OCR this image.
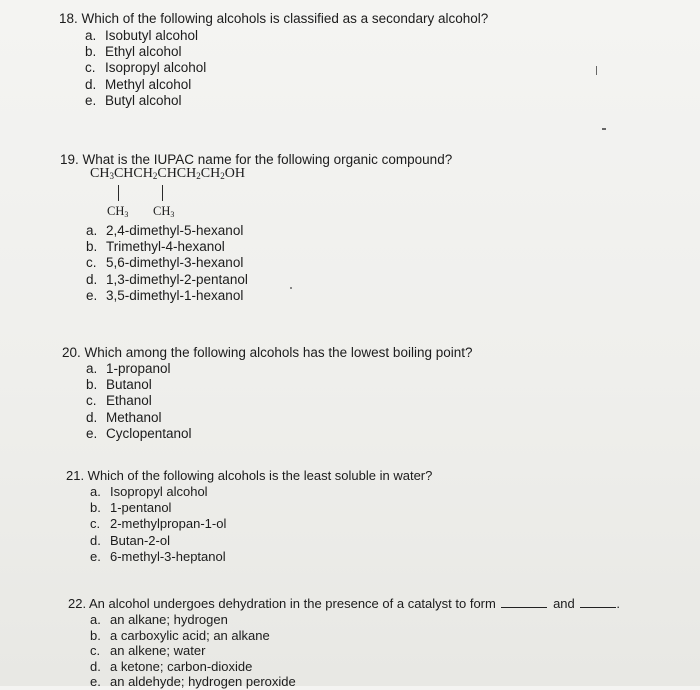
18. Which of the following alcohols is classified as a secondary alcohol?
a. Isobutyl alcohol
b. Ethyl alcohol
c. Isopropyl alcohol
d. Methyl alcohol
e. Butyl alcohol
19. What is the IUPAC name for the following organic compound?
$CH_3CHCH_2CHCH_2CH_2OH$
$CH_3$ $CH_3$
a. 2,4-dimethyl-5-hexanol
b. Trimethyl-4-hexanol
c. 5,6-dimethyl-3-hexanol
d. 1,3-dimethyl-2-pentanol
e. 3,5-dimethyl-1-hexanol
20. Which among the following alcohols has the lowest boiling point?
a. 1-propanol
b. Butanol
c. Ethanol
d. Methanol
e. Cyclopentanol
21. Which of the following alcohols is the least soluble in water?
a. Isopropyl alcohol
b. 1-pentanol
c. 2-methylpropan-1-ol
d. Butan-2-ol
e. 6-methyl-3-heptanol
22. An alcohol undergoes dehydration in the presence of a catalyst to form	and	.
a. an alkane; hydrogen
b. a carboxylic acid; an alkane
c. an alkene; water
d. a ketone; carbon-dioxide
e. an aldehyde; hydrogen peroxide
